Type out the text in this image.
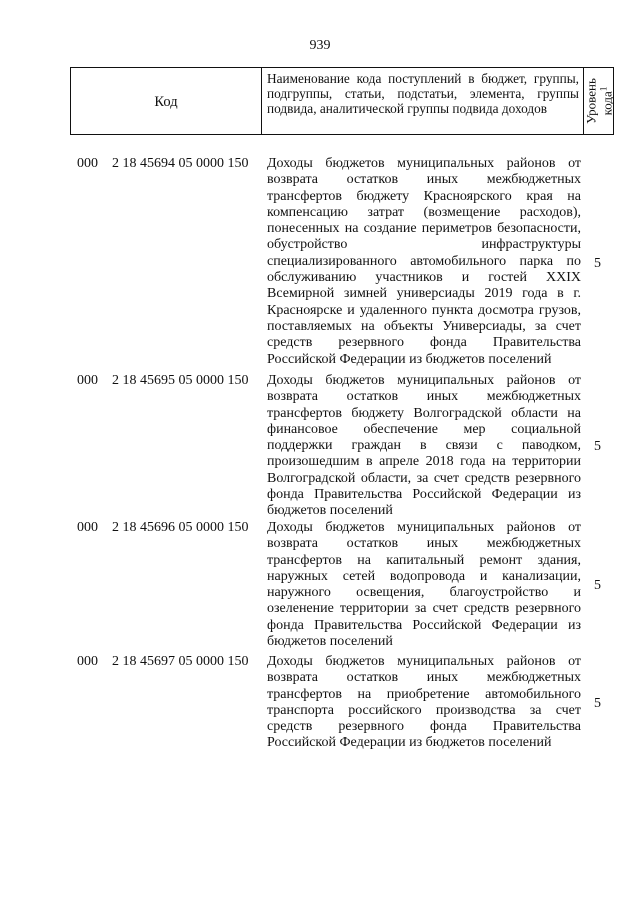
939
Код
Наименование кода поступлений в бюджет, группы, подгруппы, статьи, подстатьи, элемента, группы подвида, аналитической группы подвида доходов	Уровень
кода$^1$
000 2 18 45694 05 0000 150 Доходы бюджетов муниципальных районов от возврата остатков иных межбюджетных трансфертов бюджету Красноярского края на компенсацию затрат (возмещение расходов), понесенных на создание периметров безопасности, обустройство инфраструктуры специализированного автомобильного парка по обслуживанию участников и гостей XXIX Всемирной зимней универсиады 2019 года в г. Красноярске и удаленного пункта досмотра грузов, поставляемых на объекты Универсиады, за счет средств резервного фонда Правительства Российской Федерации из бюджетов поселений
5
000 2 18 45695 05 0000 150 Доходы бюджетов муниципальных районов от возврата остатков иных межбюджетных трансфертов бюджету Волгоградской области на финансовое обеспечение мер социальной поддержки граждан в связи с паводком, произошедшим в апреле 2018 года на территории Волгоградской области, за счет средств резервного фонда Правительства Российской Федерации из бюджетов поселений
5
000 2 18 45696 05 0000 150 Доходы бюджетов муниципальных районов от возврата остатков иных межбюджетных трансфертов на капитальный ремонт здания, наружных сетей водопровода и канализации, наружного освещения, благоустройство и озеленение территории за счет средств резервного фонда Правительства Российской Федерации из бюджетов поселений
5
000 2 18 45697 05 0000 150 Доходы бюджетов муниципальных районов от возврата остатков иных межбюджетных трансфертов на приобретение автомобильного транспорта российского производства за счет средств резервного фонда Правительства Российской Федерации из бюджетов поселений
5
